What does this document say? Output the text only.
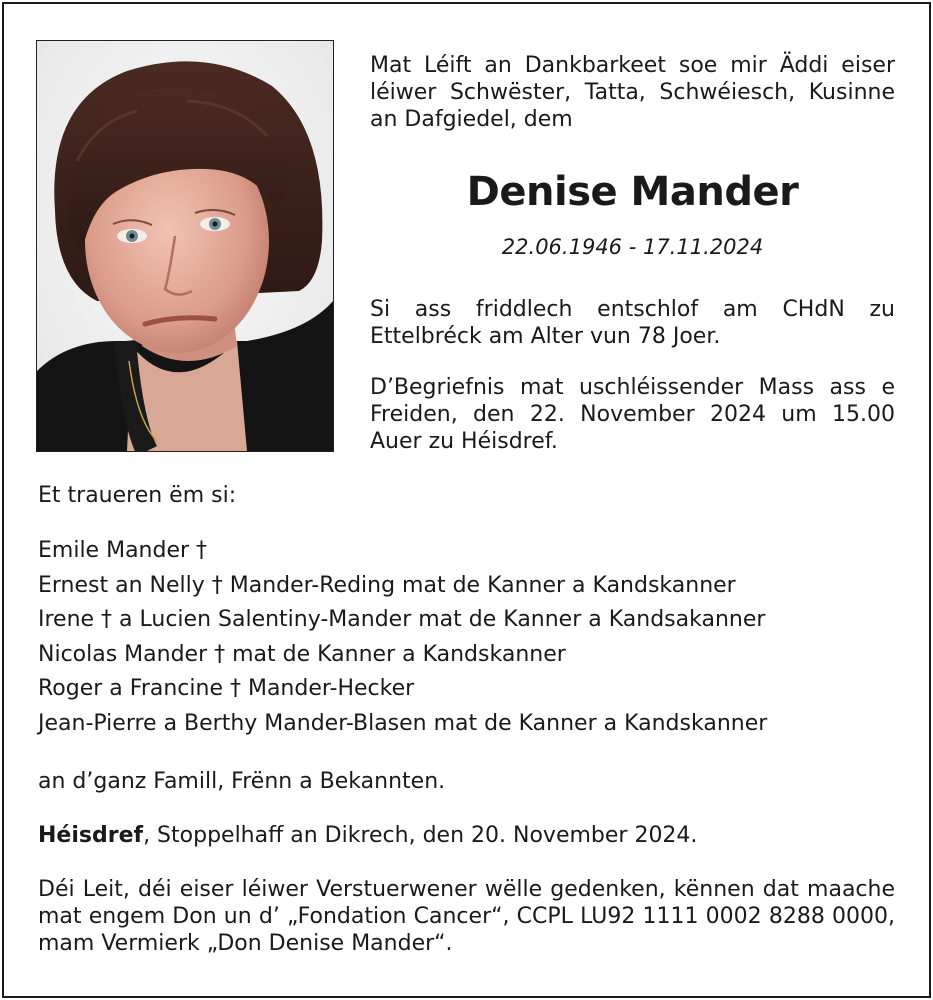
Mat Léift an Dankbarkeet soe mir Äddi eiser léiwer Schwëster, Tatta, Schwéiesch, Kusinne an Dafgiedel, dem
Denise Mander
22.06.1946 - 17.11.2024
Si ass friddlech entschlof am CHdN zu Ettelbréck am Alter vun 78 Joer.
D’Begriefnis mat uschléissender Mass ass e Freiden, den 22. November 2024 um 15.00 Auer zu Héisdref.
Et traueren ëm si:
Emile Mander †
Ernest an Nelly † Mander-Reding mat de Kanner a Kandskanner
Irene † a Lucien Salentiny-Mander mat de Kanner a Kandsakanner
Nicolas Mander † mat de Kanner a Kandskanner
Roger a Francine † Mander-Hecker
Jean-Pierre a Berthy Mander-Blasen mat de Kanner a Kandskanner
an d’ganz Famill, Frënn a Bekannten.
Héisdref, Stoppelhaff an Dikrech, den 20. November 2024.
Déi Leit, déi eiser léiwer Verstuerwener wëlle gedenken, kënnen dat maache mat engem Don un d’ „Fondation Cancer“, CCPL LU92 1111 0002 8288 0000, mam Vermierk „Don Denise Mander“.
